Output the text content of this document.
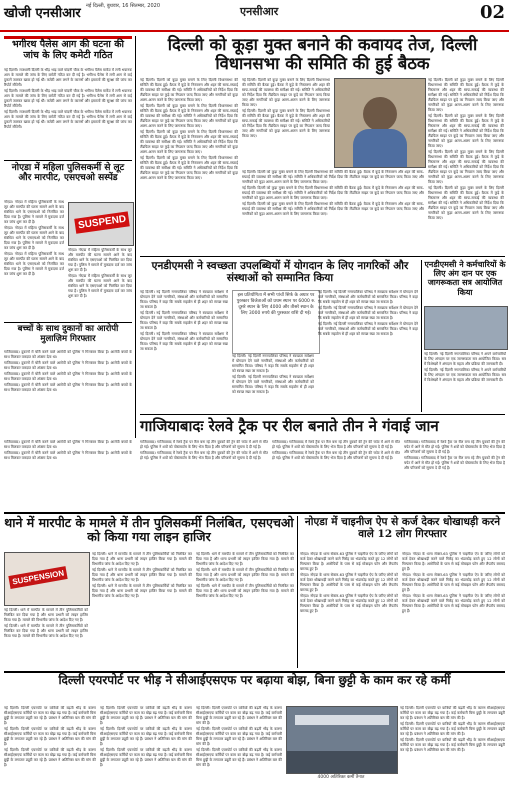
खोजी एनसीआर नई दिल्ली, बुधवार, 16 सितम्बर, 2020	एनसीआर	02
भगीरथ पैलेस आग की घटना की जांच के लिए कमेटी गठित

नई दिल्ली। राजधानी दिल्ली के भीड़ भाड़ वाले चांदनी चौक के भगीरथ पैलेस मार्केट में लगी भयानक आग के मामले की जांच के लिए कमेटी गठित कर दी गई है। भगीरथ पैलेस में लगी आग से कई दुकानें जलकर खाक हो गई थीं। कमेटी आग लगने के कारणों और इमारतों की सुरक्षा की जांच कर रिपोर्ट सौंपेगी।

नई दिल्ली। राजधानी दिल्ली के भीड़ भाड़ वाले चांदनी चौक के भगीरथ पैलेस मार्केट में लगी भयानक आग के मामले की जांच के लिए कमेटी गठित कर दी गई है। भगीरथ पैलेस में लगी आग से कई दुकानें जलकर खाक हो गई थीं। कमेटी आग लगने के कारणों और इमारतों की सुरक्षा की जांच कर रिपोर्ट सौंपेगी।

नई दिल्ली। राजधानी दिल्ली के भीड़ भाड़ वाले चांदनी चौक के भगीरथ पैलेस मार्केट में लगी भयानक आग के मामले की जांच के लिए कमेटी गठित कर दी गई है। भगीरथ पैलेस में लगी आग से कई दुकानें जलकर खाक हो गई थीं। कमेटी आग लगने के कारणों और इमारतों की सुरक्षा की जांच कर रिपोर्ट सौंपेगी।

नोएडा में महिला पुलिसकर्मी से लूट और मारपीट, एसएचओ सस्पेंड

नोएडा। नोएडा में महिला पुलिसकर्मी के साथ लूट और मारपीट की घटना सामने आने के बाद संबंधित थाने के एसएचओ को निलंबित कर दिया गया है। पुलिस ने मामले में मुकदमा दर्ज कर जांच शुरू कर दी है।

नोएडा। नोएडा में महिला पुलिसकर्मी के साथ लूट और मारपीट की घटना सामने आने के बाद संबंधित थाने के एसएचओ को निलंबित कर दिया गया है। पुलिस ने मामले में मुकदमा दर्ज कर जांच शुरू कर दी है।

नोएडा। नोएडा में महिला पुलिसकर्मी के साथ लूट और मारपीट की घटना सामने आने के बाद संबंधित थाने के एसएचओ को निलंबित कर दिया गया है। पुलिस ने मामले में मुकदमा दर्ज कर जांच शुरू कर दी है।

SUSPEND

नोएडा। नोएडा में महिला पुलिसकर्मी के साथ लूट और मारपीट की घटना सामने आने के बाद संबंधित थाने के एसएचओ को निलंबित कर दिया गया है। पुलिस ने मामले में मुकदमा दर्ज कर जांच शुरू कर दी है।

नोएडा। नोएडा में महिला पुलिसकर्मी के साथ लूट और मारपीट की घटना सामने आने के बाद संबंधित थाने के एसएचओ को निलंबित कर दिया गया है। पुलिस ने मामले में मुकदमा दर्ज कर जांच शुरू कर दी है।

बच्चों के साथ दुकानों का आरोपी मुलाज़िम गिरफ्तार

गाजियाबाद। दुकानों में चोरी करने वाले आरोपी को पुलिस ने गिरफ्तार किया है। आरोपी बच्चों के साथ मिलकर वारदात को अंजाम देता था।

गाजियाबाद। दुकानों में चोरी करने वाले आरोपी को पुलिस ने गिरफ्तार किया है। आरोपी बच्चों के साथ मिलकर वारदात को अंजाम देता था।

गाजियाबाद। दुकानों में चोरी करने वाले आरोपी को पुलिस ने गिरफ्तार किया है। आरोपी बच्चों के साथ मिलकर वारदात को अंजाम देता था।

गाजियाबाद। दुकानों में चोरी करने वाले आरोपी को पुलिस ने गिरफ्तार किया है। आरोपी बच्चों के साथ मिलकर वारदात को अंजाम देता था।

दिल्ली को कूड़ा मुक्त बनाने की कवायद तेज, दिल्ली विधानसभा की समिति की हुई बैठक

नई दिल्ली। दिल्ली को कूड़ा मुक्त बनाने के लिए दिल्ली विधानसभा की समिति की बैठक हुई। बैठक में कूड़े के निस्तारण और शहर की साफ-सफाई की व्यवस्था की समीक्षा की गई। समिति ने अधिकारियों को निर्देश दिया कि लैंडफिल साइट पर कूड़े का निपटान जल्द किया जाए और नागरिकों को कूड़ा अलग-अलग करने के लिए जागरूक किया जाए।

नई दिल्ली। दिल्ली को कूड़ा मुक्त बनाने के लिए दिल्ली विधानसभा की समिति की बैठक हुई। बैठक में कूड़े के निस्तारण और शहर की साफ-सफाई की व्यवस्था की समीक्षा की गई। समिति ने अधिकारियों को निर्देश दिया कि लैंडफिल साइट पर कूड़े का निपटान जल्द किया जाए और नागरिकों को कूड़ा अलग-अलग करने के लिए जागरूक किया जाए।

नई दिल्ली। दिल्ली को कूड़ा मुक्त बनाने के लिए दिल्ली विधानसभा की समिति की बैठक हुई। बैठक में कूड़े के निस्तारण और शहर की साफ-सफाई की व्यवस्था की समीक्षा की गई। समिति ने अधिकारियों को निर्देश दिया कि लैंडफिल साइट पर कूड़े का निपटान जल्द किया जाए और नागरिकों को कूड़ा अलग-अलग करने के लिए जागरूक किया जाए।

नई दिल्ली। दिल्ली को कूड़ा मुक्त बनाने के लिए दिल्ली विधानसभा की समिति की बैठक हुई। बैठक में कूड़े के निस्तारण और शहर की साफ-सफाई की व्यवस्था की समीक्षा की गई। समिति ने अधिकारियों को निर्देश दिया कि लैंडफिल साइट पर कूड़े का निपटान जल्द किया जाए और नागरिकों को कूड़ा अलग-अलग करने के लिए जागरूक किया जाए।

नई दिल्ली। दिल्ली को कूड़ा मुक्त बनाने के लिए दिल्ली विधानसभा की समिति की बैठक हुई। बैठक में कूड़े के निस्तारण और शहर की साफ-सफाई की व्यवस्था की समीक्षा की गई। समिति ने अधिकारियों को निर्देश दिया कि लैंडफिल साइट पर कूड़े का निपटान जल्द किया जाए और नागरिकों को कूड़ा अलग-अलग करने के लिए जागरूक किया जाए।

नई दिल्ली। दिल्ली को कूड़ा मुक्त बनाने के लिए दिल्ली विधानसभा की समिति की बैठक हुई। बैठक में कूड़े के निस्तारण और शहर की साफ-सफाई की व्यवस्था की समीक्षा की गई। समिति ने अधिकारियों को निर्देश दिया कि लैंडफिल साइट पर कूड़े का निपटान जल्द किया जाए और नागरिकों को कूड़ा अलग-अलग करने के लिए जागरूक किया जाए।

नई दिल्ली। दिल्ली को कूड़ा मुक्त बनाने के लिए दिल्ली विधानसभा की समिति की बैठक हुई। बैठक में कूड़े के निस्तारण और शहर की साफ-सफाई की व्यवस्था की समीक्षा की गई। समिति ने अधिकारियों को निर्देश दिया कि लैंडफिल साइट पर कूड़े का निपटान जल्द किया जाए और नागरिकों को कूड़ा अलग-अलग करने के लिए जागरूक किया जाए।

नई दिल्ली। दिल्ली को कूड़ा मुक्त बनाने के लिए दिल्ली विधानसभा की समिति की बैठक हुई। बैठक में कूड़े के निस्तारण और शहर की साफ-सफाई की व्यवस्था की समीक्षा की गई। समिति ने अधिकारियों को निर्देश दिया कि लैंडफिल साइट पर कूड़े का निपटान जल्द किया जाए और नागरिकों को कूड़ा अलग-अलग करने के लिए जागरूक किया जाए।

नई दिल्ली। दिल्ली को कूड़ा मुक्त बनाने के लिए दिल्ली विधानसभा की समिति की बैठक हुई। बैठक में कूड़े के निस्तारण और शहर की साफ-सफाई की व्यवस्था की समीक्षा की गई। समिति ने अधिकारियों को निर्देश दिया कि लैंडफिल साइट पर कूड़े का निपटान जल्द किया जाए और नागरिकों को कूड़ा अलग-अलग करने के लिए जागरूक किया जाए।

नई दिल्ली। दिल्ली को कूड़ा मुक्त बनाने के लिए दिल्ली विधानसभा की समिति की बैठक हुई। बैठक में कूड़े के निस्तारण और शहर की साफ-सफाई की व्यवस्था की समीक्षा की गई। समिति ने अधिकारियों को निर्देश दिया कि लैंडफिल साइट पर कूड़े का निपटान जल्द किया जाए और नागरिकों को कूड़ा अलग-अलग करने के लिए जागरूक किया जाए।

नई दिल्ली। दिल्ली को कूड़ा मुक्त बनाने के लिए दिल्ली विधानसभा की समिति की बैठक हुई। बैठक में कूड़े के निस्तारण और शहर की साफ-सफाई की व्यवस्था की समीक्षा की गई। समिति ने अधिकारियों को निर्देश दिया कि लैंडफिल साइट पर कूड़े का निपटान जल्द किया जाए और नागरिकों को कूड़ा अलग-अलग करने के लिए जागरूक किया जाए।

नई दिल्ली। दिल्ली को कूड़ा मुक्त बनाने के लिए दिल्ली विधानसभा की समिति की बैठक हुई। बैठक में कूड़े के निस्तारण और शहर की साफ-सफाई की व्यवस्था की समीक्षा की गई। समिति ने अधिकारियों को निर्देश दिया कि लैंडफिल साइट पर कूड़े का निपटान जल्द किया जाए और नागरिकों को कूड़ा अलग-अलग करने के लिए जागरूक किया जाए।

नई दिल्ली। दिल्ली को कूड़ा मुक्त बनाने के लिए दिल्ली विधानसभा की समिति की बैठक हुई। बैठक में कूड़े के निस्तारण और शहर की साफ-सफाई की व्यवस्था की समीक्षा की गई। समिति ने अधिकारियों को निर्देश दिया कि लैंडफिल साइट पर कूड़े का निपटान जल्द किया जाए और नागरिकों को कूड़ा अलग-अलग करने के लिए जागरूक किया जाए।

एनडीएमसी ने स्वच्छता उपलब्धियों में योगदान के लिए नागरिकों और संस्थाओं को सम्मानित किया

नई दिल्ली। नई दिल्ली नगरपालिका परिषद ने स्वच्छता सर्वेक्षण में योगदान देने वाले नागरिकों, संस्थाओं और कर्मचारियों को सम्मानित किया। परिषद ने कहा कि सबके सहयोग से ही शहर को स्वच्छ रखा जा सकता है।

नई दिल्ली। नई दिल्ली नगरपालिका परिषद ने स्वच्छता सर्वेक्षण में योगदान देने वाले नागरिकों, संस्थाओं और कर्मचारियों को सम्मानित किया। परिषद ने कहा कि सबके सहयोग से ही शहर को स्वच्छ रखा जा सकता है।

नई दिल्ली। नई दिल्ली नगरपालिका परिषद ने स्वच्छता सर्वेक्षण में योगदान देने वाले नागरिकों, संस्थाओं और कर्मचारियों को सम्मानित किया। परिषद ने कहा कि सबके सहयोग से ही शहर को स्वच्छ रखा जा सकता है।

इस प्रतियोगिता में सभी पांचों सिर्फ के अधार पर पुरस्कार विजेताओं को प्रथम स्थान पर 6000 रु. दूसरे स्थान के लिए 4000 और तीसरे स्थान के लिए 3000 रुपये की पुरस्कार राशि दी गई।

नई दिल्ली। नई दिल्ली नगरपालिका परिषद ने स्वच्छता सर्वेक्षण में योगदान देने वाले नागरिकों, संस्थाओं और कर्मचारियों को सम्मानित किया। परिषद ने कहा कि सबके सहयोग से ही शहर को स्वच्छ रखा जा सकता है।

नई दिल्ली। नई दिल्ली नगरपालिका परिषद ने स्वच्छता सर्वेक्षण में योगदान देने वाले नागरिकों, संस्थाओं और कर्मचारियों को सम्मानित किया। परिषद ने कहा कि सबके सहयोग से ही शहर को स्वच्छ रखा जा सकता है।

नई दिल्ली। नई दिल्ली नगरपालिका परिषद ने स्वच्छता सर्वेक्षण में योगदान देने वाले नागरिकों, संस्थाओं और कर्मचारियों को सम्मानित किया। परिषद ने कहा कि सबके सहयोग से ही शहर को स्वच्छ रखा जा सकता है।

नई दिल्ली। नई दिल्ली नगरपालिका परिषद ने स्वच्छता सर्वेक्षण में योगदान देने वाले नागरिकों, संस्थाओं और कर्मचारियों को सम्मानित किया। परिषद ने कहा कि सबके सहयोग से ही शहर को स्वच्छ रखा जा सकता है।

नई दिल्ली। नई दिल्ली नगरपालिका परिषद ने स्वच्छता सर्वेक्षण में योगदान देने वाले नागरिकों, संस्थाओं और कर्मचारियों को सम्मानित किया। परिषद ने कहा कि सबके सहयोग से ही शहर को स्वच्छ रखा जा सकता है।

एनडीएमसी ने कर्मचारियों के लिए अंग दान पर एक जागरूकता सत्र आयोजित किया

नई दिल्ली। नई दिल्ली नगरपालिका परिषद ने अपने कर्मचारियों के लिए अंगदान पर एक जागरूकता सत्र आयोजित किया। सत्र में विशेषज्ञों ने अंगदान के महत्व और प्रक्रिया की जानकारी दी।

नई दिल्ली। नई दिल्ली नगरपालिका परिषद ने अपने कर्मचारियों के लिए अंगदान पर एक जागरूकता सत्र आयोजित किया। सत्र में विशेषज्ञों ने अंगदान के महत्व और प्रक्रिया की जानकारी दी।

गाजियाबादः रेलवे ट्रैक पर रील बनाते तीन ने गंवाई जान

गाजियाबाद। गाजियाबाद में रेलवे ट्रैक पर रील बना रहे तीन युवकों की ट्रेन की चपेट में आने से मौत हो गई। पुलिस ने शवों को पोस्टमार्टम के लिए भेज दिया है और परिजनों को सूचना दे दी गई है।

गाजियाबाद। गाजियाबाद में रेलवे ट्रैक पर रील बना रहे तीन युवकों की ट्रेन की चपेट में आने से मौत हो गई। पुलिस ने शवों को पोस्टमार्टम के लिए भेज दिया है और परिजनों को सूचना दे दी गई है।

गाजियाबाद। गाजियाबाद में रेलवे ट्रैक पर रील बना रहे तीन युवकों की ट्रेन की चपेट में आने से मौत हो गई। पुलिस ने शवों को पोस्टमार्टम के लिए भेज दिया है और परिजनों को सूचना दे दी गई है।

गाजियाबाद। गाजियाबाद में रेलवे ट्रैक पर रील बना रहे तीन युवकों की ट्रेन की चपेट में आने से मौत हो गई। पुलिस ने शवों को पोस्टमार्टम के लिए भेज दिया है और परिजनों को सूचना दे दी गई है।

गाजियाबाद। गाजियाबाद में रेलवे ट्रैक पर रील बना रहे तीन युवकों की ट्रेन की चपेट में आने से मौत हो गई। पुलिस ने शवों को पोस्टमार्टम के लिए भेज दिया है और परिजनों को सूचना दे दी गई है।

गाजियाबाद। गाजियाबाद में रेलवे ट्रैक पर रील बना रहे तीन युवकों की ट्रेन की चपेट में आने से मौत हो गई। पुलिस ने शवों को पोस्टमार्टम के लिए भेज दिया है और परिजनों को सूचना दे दी गई है।

गाजियाबाद। दुकानों में चोरी करने वाले आरोपी को पुलिस ने गिरफ्तार किया है। आरोपी बच्चों के साथ मिलकर वारदात को अंजाम देता था।

गाजियाबाद। दुकानों में चोरी करने वाले आरोपी को पुलिस ने गिरफ्तार किया है। आरोपी बच्चों के साथ मिलकर वारदात को अंजाम देता था।

थाने में मारपीट के मामले में तीन पुलिसकर्मी निलंबित, एसएचओ को किया गया लाइन हाजिर
SUSPENSION

नई दिल्ली। थाने में मारपीट के मामले में तीन पुलिसकर्मियों को निलंबित कर दिया गया है और थाना प्रभारी को लाइन हाजिर किया गया है। मामले की विभागीय जांच के आदेश दिए गए हैं।

नई दिल्ली। थाने में मारपीट के मामले में तीन पुलिसकर्मियों को निलंबित कर दिया गया है और थाना प्रभारी को लाइन हाजिर किया गया है। मामले की विभागीय जांच के आदेश दिए गए हैं।

नई दिल्ली। थाने में मारपीट के मामले में तीन पुलिसकर्मियों को निलंबित कर दिया गया है और थाना प्रभारी को लाइन हाजिर किया गया है। मामले की विभागीय जांच के आदेश दिए गए हैं।

नई दिल्ली। थाने में मारपीट के मामले में तीन पुलिसकर्मियों को निलंबित कर दिया गया है और थाना प्रभारी को लाइन हाजिर किया गया है। मामले की विभागीय जांच के आदेश दिए गए हैं।

नई दिल्ली। थाने में मारपीट के मामले में तीन पुलिसकर्मियों को निलंबित कर दिया गया है और थाना प्रभारी को लाइन हाजिर किया गया है। मामले की विभागीय जांच के आदेश दिए गए हैं।

नई दिल्ली। थाने में मारपीट के मामले में तीन पुलिसकर्मियों को निलंबित कर दिया गया है और थाना प्रभारी को लाइन हाजिर किया गया है। मामले की विभागीय जांच के आदेश दिए गए हैं।

नई दिल्ली। थाने में मारपीट के मामले में तीन पुलिसकर्मियों को निलंबित कर दिया गया है और थाना प्रभारी को लाइन हाजिर किया गया है। मामले की विभागीय जांच के आदेश दिए गए हैं।

नई दिल्ली। थाने में मारपीट के मामले में तीन पुलिसकर्मियों को निलंबित कर दिया गया है और थाना प्रभारी को लाइन हाजिर किया गया है। मामले की विभागीय जांच के आदेश दिए गए हैं।

नोएडा में चाइनीज ऐप से कर्ज देकर धोखाधड़ी करने वाले 12 लोग गिरफ्तार

नोएडा। नोएडा के थाना सेक्टर-63 पुलिस ने चाइनीज ऐप के जरिए लोगों को कर्ज देकर धोखाधड़ी करने वाले गिरोह का भंडाफोड़ करते हुए 12 लोगों को गिरफ्तार किया है। आरोपियों के पास से कई मोबाइल फोन और लैपटॉप बरामद हुए हैं।

नोएडा। नोएडा के थाना सेक्टर-63 पुलिस ने चाइनीज ऐप के जरिए लोगों को कर्ज देकर धोखाधड़ी करने वाले गिरोह का भंडाफोड़ करते हुए 12 लोगों को गिरफ्तार किया है। आरोपियों के पास से कई मोबाइल फोन और लैपटॉप बरामद हुए हैं।

नोएडा। नोएडा के थाना सेक्टर-63 पुलिस ने चाइनीज ऐप के जरिए लोगों को कर्ज देकर धोखाधड़ी करने वाले गिरोह का भंडाफोड़ करते हुए 12 लोगों को गिरफ्तार किया है। आरोपियों के पास से कई मोबाइल फोन और लैपटॉप बरामद हुए हैं।

नोएडा। नोएडा के थाना सेक्टर-63 पुलिस ने चाइनीज ऐप के जरिए लोगों को कर्ज देकर धोखाधड़ी करने वाले गिरोह का भंडाफोड़ करते हुए 12 लोगों को गिरफ्तार किया है। आरोपियों के पास से कई मोबाइल फोन और लैपटॉप बरामद हुए हैं।

नोएडा। नोएडा के थाना सेक्टर-63 पुलिस ने चाइनीज ऐप के जरिए लोगों को कर्ज देकर धोखाधड़ी करने वाले गिरोह का भंडाफोड़ करते हुए 12 लोगों को गिरफ्तार किया है। आरोपियों के पास से कई मोबाइल फोन और लैपटॉप बरामद हुए हैं।

नोएडा। नोएडा के थाना सेक्टर-63 पुलिस ने चाइनीज ऐप के जरिए लोगों को कर्ज देकर धोखाधड़ी करने वाले गिरोह का भंडाफोड़ करते हुए 12 लोगों को गिरफ्तार किया है। आरोपियों के पास से कई मोबाइल फोन और लैपटॉप बरामद हुए हैं।

दिल्ली एयरपोर्ट पर भीड़ ने सीआईएसएफ पर बढ़ाया बोझ, बिना छुट्टी के काम कर रहे कर्मी

नई दिल्ली। दिल्ली एयरपोर्ट पर यात्रियों की बढ़ती भीड़ के कारण सीआईएसएफ कर्मियों पर काम का बोझ बढ़ गया है। कई कर्मचारी बिना छुट्टी के लगातार ड्यूटी कर रहे हैं। प्रबंधन ने अतिरिक्त बल की मांग की है।

नई दिल्ली। दिल्ली एयरपोर्ट पर यात्रियों की बढ़ती भीड़ के कारण सीआईएसएफ कर्मियों पर काम का बोझ बढ़ गया है। कई कर्मचारी बिना छुट्टी के लगातार ड्यूटी कर रहे हैं। प्रबंधन ने अतिरिक्त बल की मांग की है।

नई दिल्ली। दिल्ली एयरपोर्ट पर यात्रियों की बढ़ती भीड़ के कारण सीआईएसएफ कर्मियों पर काम का बोझ बढ़ गया है। कई कर्मचारी बिना छुट्टी के लगातार ड्यूटी कर रहे हैं। प्रबंधन ने अतिरिक्त बल की मांग की है।

नई दिल्ली। दिल्ली एयरपोर्ट पर यात्रियों की बढ़ती भीड़ के कारण सीआईएसएफ कर्मियों पर काम का बोझ बढ़ गया है। कई कर्मचारी बिना छुट्टी के लगातार ड्यूटी कर रहे हैं। प्रबंधन ने अतिरिक्त बल की मांग की है।

नई दिल्ली। दिल्ली एयरपोर्ट पर यात्रियों की बढ़ती भीड़ के कारण सीआईएसएफ कर्मियों पर काम का बोझ बढ़ गया है। कई कर्मचारी बिना छुट्टी के लगातार ड्यूटी कर रहे हैं। प्रबंधन ने अतिरिक्त बल की मांग की है।

नई दिल्ली। दिल्ली एयरपोर्ट पर यात्रियों की बढ़ती भीड़ के कारण सीआईएसएफ कर्मियों पर काम का बोझ बढ़ गया है। कई कर्मचारी बिना छुट्टी के लगातार ड्यूटी कर रहे हैं। प्रबंधन ने अतिरिक्त बल की मांग की है।

नई दिल्ली। दिल्ली एयरपोर्ट पर यात्रियों की बढ़ती भीड़ के कारण सीआईएसएफ कर्मियों पर काम का बोझ बढ़ गया है। कई कर्मचारी बिना छुट्टी के लगातार ड्यूटी कर रहे हैं। प्रबंधन ने अतिरिक्त बल की मांग की है।

नई दिल्ली। दिल्ली एयरपोर्ट पर यात्रियों की बढ़ती भीड़ के कारण सीआईएसएफ कर्मियों पर काम का बोझ बढ़ गया है। कई कर्मचारी बिना छुट्टी के लगातार ड्यूटी कर रहे हैं। प्रबंधन ने अतिरिक्त बल की मांग की है।

नई दिल्ली। दिल्ली एयरपोर्ट पर यात्रियों की बढ़ती भीड़ के कारण सीआईएसएफ कर्मियों पर काम का बोझ बढ़ गया है। कई कर्मचारी बिना छुट्टी के लगातार ड्यूटी कर रहे हैं। प्रबंधन ने अतिरिक्त बल की मांग की है।

4000 अतिरिक्त कर्मी तैनात

नई दिल्ली। दिल्ली एयरपोर्ट पर यात्रियों की बढ़ती भीड़ के कारण सीआईएसएफ कर्मियों पर काम का बोझ बढ़ गया है। कई कर्मचारी बिना छुट्टी के लगातार ड्यूटी कर रहे हैं। प्रबंधन ने अतिरिक्त बल की मांग की है।

नई दिल्ली। दिल्ली एयरपोर्ट पर यात्रियों की बढ़ती भीड़ के कारण सीआईएसएफ कर्मियों पर काम का बोझ बढ़ गया है। कई कर्मचारी बिना छुट्टी के लगातार ड्यूटी कर रहे हैं। प्रबंधन ने अतिरिक्त बल की मांग की है।

नई दिल्ली। दिल्ली एयरपोर्ट पर यात्रियों की बढ़ती भीड़ के कारण सीआईएसएफ कर्मियों पर काम का बोझ बढ़ गया है। कई कर्मचारी बिना छुट्टी के लगातार ड्यूटी कर रहे हैं। प्रबंधन ने अतिरिक्त बल की मांग की है।
